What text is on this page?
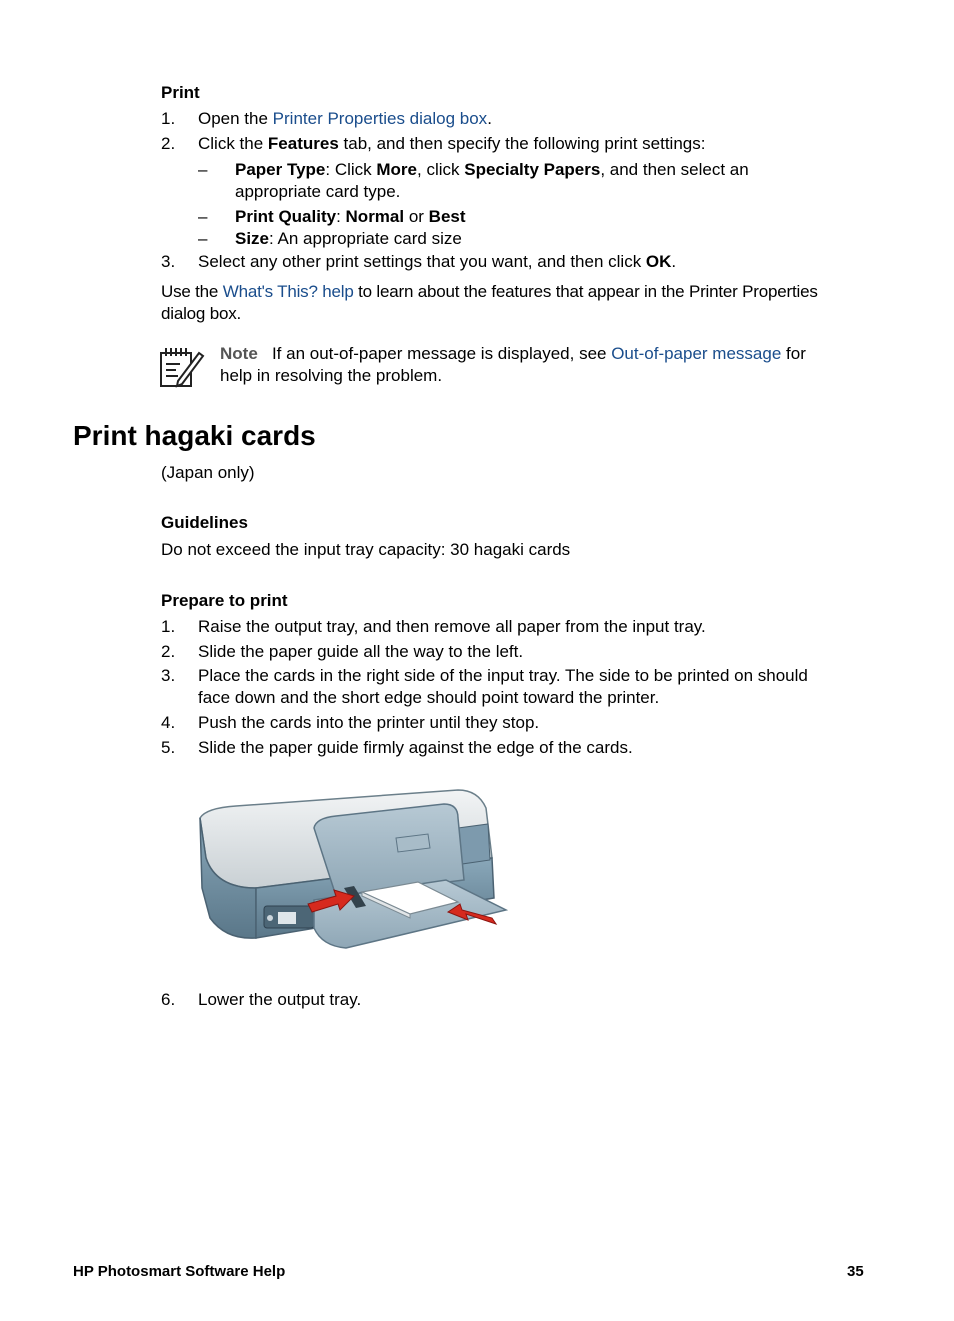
Print
1. Open the Printer Properties dialog box.
2. Click the Features tab, and then specify the following print settings:
– Paper Type: Click More, click Specialty Papers, and then select an
appropriate card type.
– Print Quality: Normal or Best
– Size: An appropriate card size
3. Select any other print settings that you want, and then click OK.
Use the What's This? help to learn about the features that appear in the Printer Properties
dialog box.
Note If an out-of-paper message is displayed, see Out-of-paper message for
help in resolving the problem.
Print hagaki cards
(Japan only)
Guidelines
Do not exceed the input tray capacity: 30 hagaki cards
Prepare to print
1. Raise the output tray, and then remove all paper from the input tray.
2. Slide the paper guide all the way to the left.
3. Place the cards in the right side of the input tray. The side to be printed on should
face down and the short edge should point toward the printer.
4. Push the cards into the printer until they stop.
5. Slide the paper guide firmly against the edge of the cards.
6. Lower the output tray.
HP Photosmart Software Help	35
